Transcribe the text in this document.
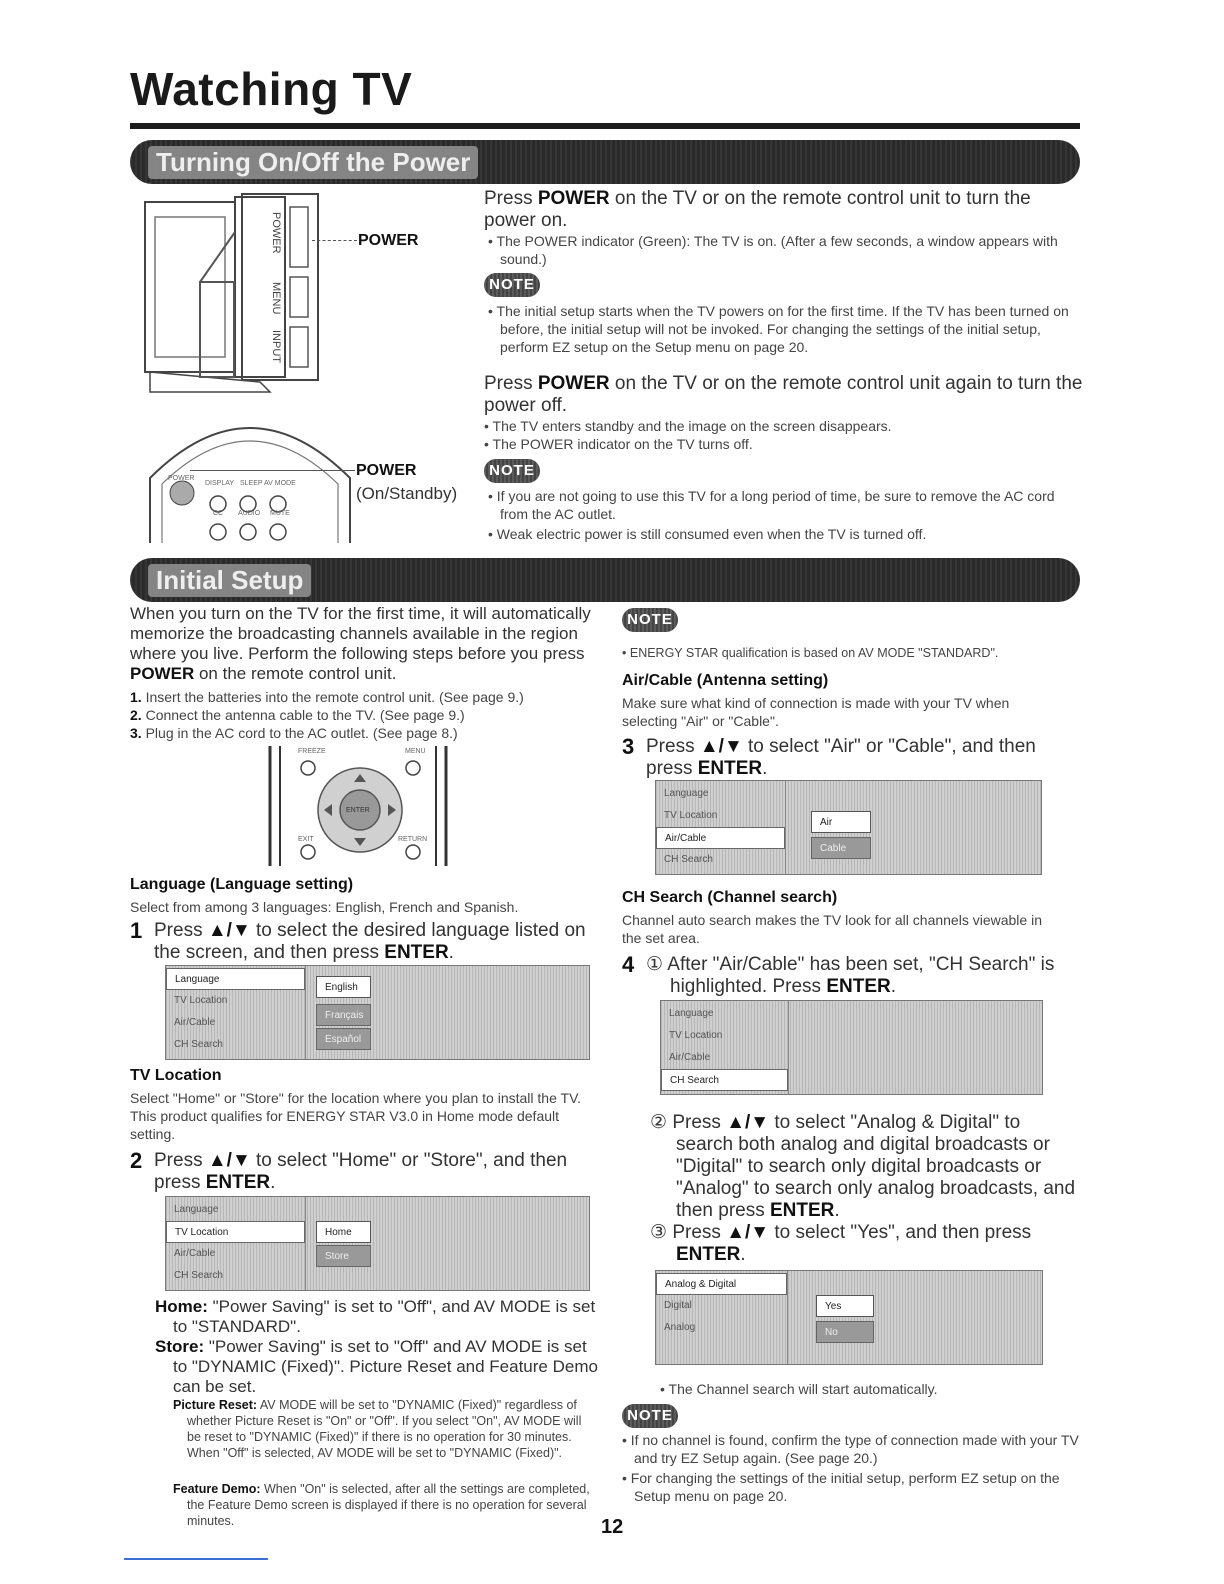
Watching TV
Turning On/Off the Power
POWER
MENU
INPUT
POWER
POWER
DISPLAY SLEEP AV MODE
CC AUDIO MUTE
POWER
(On/Standby)
Press POWER on the TV or on the remote control unit to turn the power on.
• The POWER indicator (Green): The TV is on. (After a few seconds, a window appears with sound.)
NOTE
• The initial setup starts when the TV powers on for the first time. If the TV has been turned on before, the initial setup will not be invoked. For changing the settings of the initial setup, perform EZ setup on the Setup menu on page 20.
Press POWER on the TV or on the remote control unit again to turn the power off.
• The TV enters standby and the image on the screen disappears.
• The POWER indicator on the TV turns off.
NOTE
• If you are not going to use this TV for a long period of time, be sure to remove the AC cord from the AC outlet.
• Weak electric power is still consumed even when the TV is turned off.
Initial Setup
When you turn on the TV for the first time, it will automatically memorize the broadcasting channels available in the region where you live. Perform the following steps before you press POWER on the remote control unit.
1. Insert the batteries into the remote control unit. (See page 9.)
2. Connect the antenna cable to the TV. (See page 9.)
3. Plug in the AC cord to the AC outlet. (See page 8.)
FREEZE	MENU
EXIT	RETURN
ENTER
Language (Language setting)
Select from among 3 languages: English, French and Spanish.
1 Press ▲/▼ to select the desired language listed on the screen, and then press ENTER.
Language
TV Location
Air/Cable
CH Search
English
Français
Español
TV Location
Select "Home" or "Store" for the location where you plan to install the TV. This product qualifies for ENERGY STAR V3.0 in Home mode default setting.
2 Press ▲/▼ to select "Home" or "Store", and then press ENTER.
Language
TV Location
Air/Cable
CH Search
Home
Store
Home: "Power Saving" is set to "Off", and AV MODE is set to "STANDARD".
Store: "Power Saving" is set to "Off" and AV MODE is set to "DYNAMIC (Fixed)". Picture Reset and Feature Demo can be set.
Picture Reset: AV MODE will be set to "DYNAMIC (Fixed)" regardless of whether Picture Reset is "On" or "Off". If you select "On", AV MODE will be reset to "DYNAMIC (Fixed)" if there is no operation for 30 minutes. When "Off" is selected, AV MODE will be set to "DYNAMIC (Fixed)".
Feature Demo: When "On" is selected, after all the settings are completed, the Feature Demo screen is displayed if there is no operation for several minutes.
NOTE
• ENERGY STAR qualification is based on AV MODE "STANDARD".
Air/Cable (Antenna setting)
Make sure what kind of connection is made with your TV when selecting "Air" or "Cable".
3 Press ▲/▼ to select "Air" or "Cable", and then press ENTER.
Language
TV Location
Air/Cable
CH Search
Air
Cable
CH Search (Channel search)
Channel auto search makes the TV look for all channels viewable in the set area.
4 ① After "Air/Cable" has been set, "CH Search" is highlighted. Press ENTER.
Language
TV Location
Air/Cable
CH Search
② Press ▲/▼ to select "Analog & Digital" to search both analog and digital broadcasts or "Digital" to search only digital broadcasts or "Analog" to search only analog broadcasts, and then press ENTER.
③ Press ▲/▼ to select "Yes", and then press ENTER.
Analog & Digital
Digital
Analog
Yes
No
• The Channel search will start automatically.
NOTE
• If no channel is found, confirm the type of connection made with your TV and try EZ Setup again. (See page 20.)
• For changing the settings of the initial setup, perform EZ setup on the Setup menu on page 20.
12
